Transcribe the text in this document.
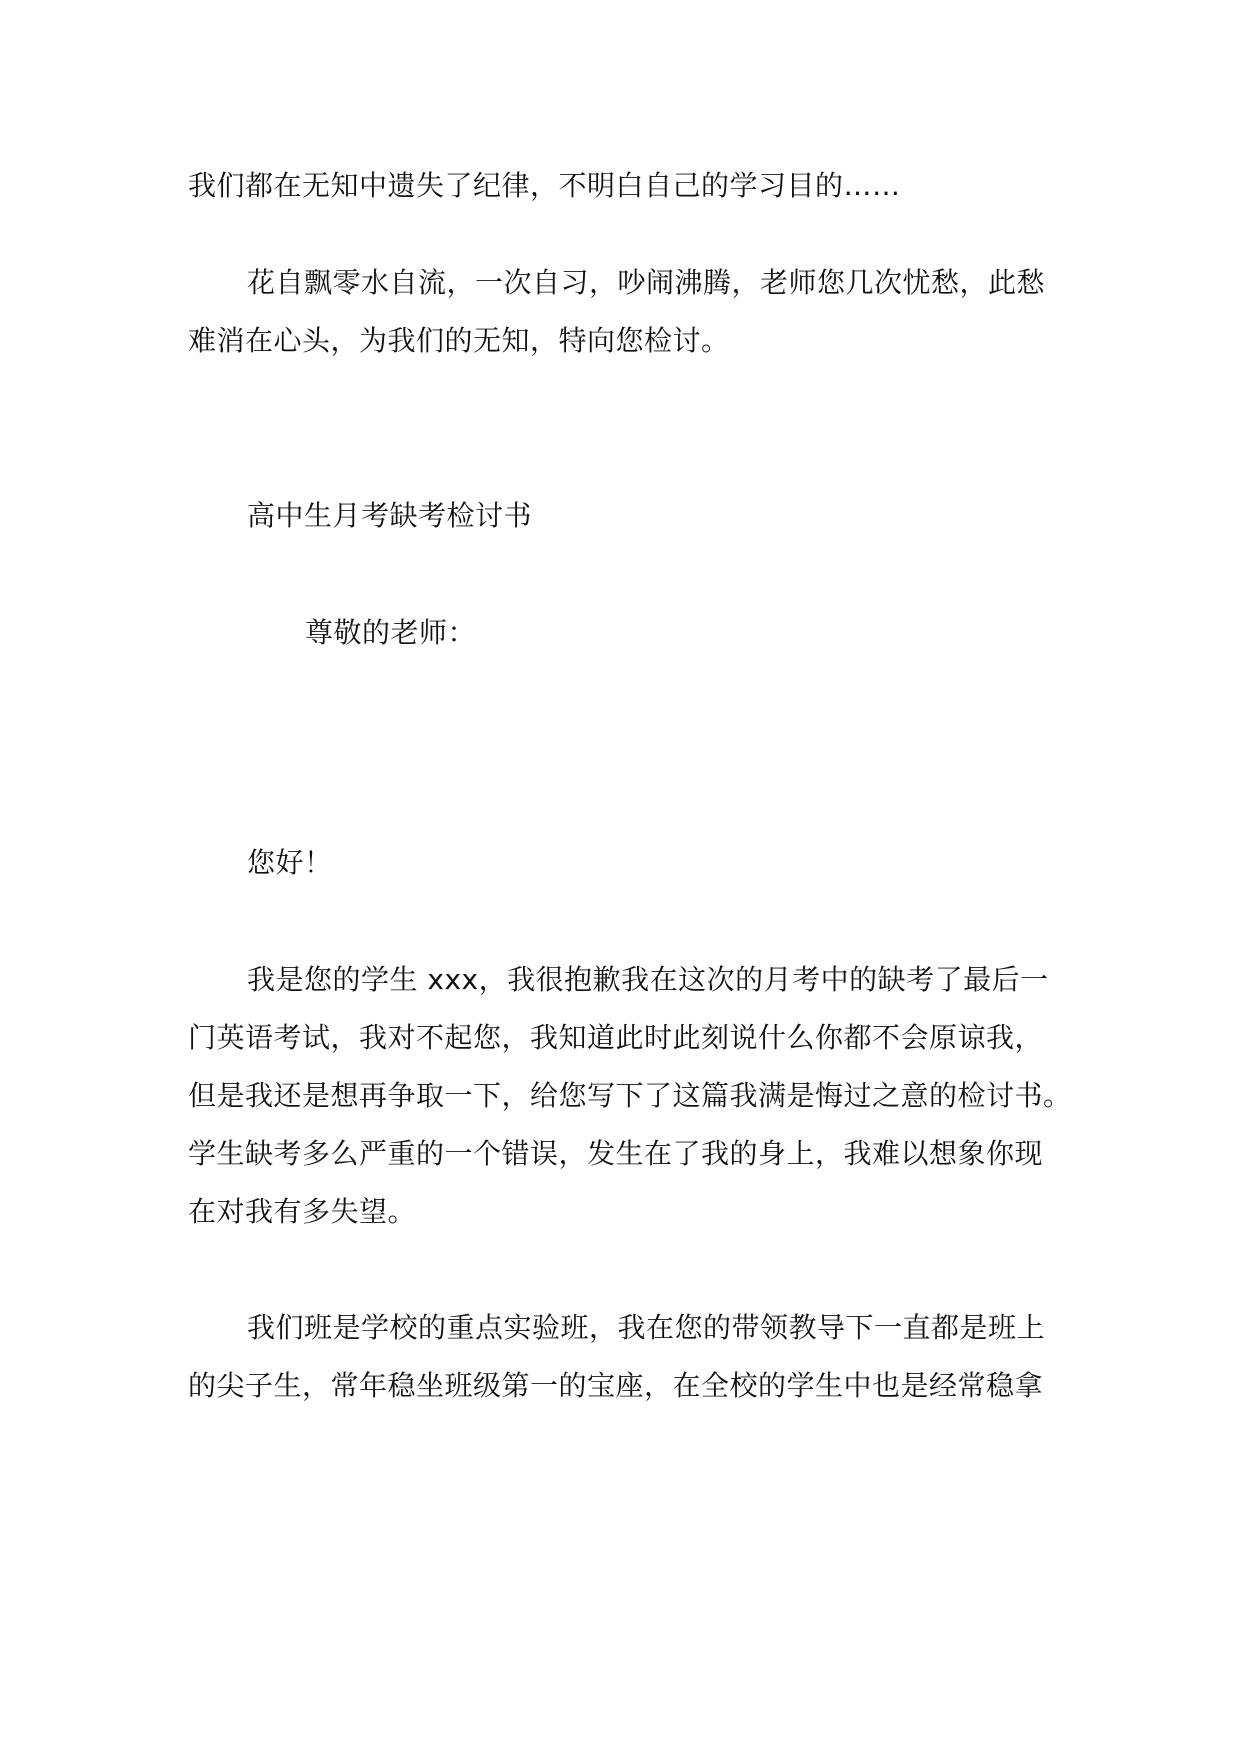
我们都在无知中遗失了纪律，不明白自己的学习目的……
花自飘零水自流，一次自习，吵闹沸腾，老师您几次忧愁，此愁
难消在心头，为我们的无知，特向您检讨。
高中生月考缺考检讨书
尊敬的老师：
您好！
我是您的学生 xxx，我很抱歉我在这次的月考中的缺考了最后一
门英语考试，我对不起您，我知道此时此刻说什么你都不会原谅我，
但是我还是想再争取一下，给您写下了这篇我满是悔过之意的检讨书。
学生缺考多么严重的一个错误，发生在了我的身上，我难以想象你现
在对我有多失望。
我们班是学校的重点实验班，我在您的带领教导下一直都是班上
的尖子生，常年稳坐班级第一的宝座，在全校的学生中也是经常稳拿
